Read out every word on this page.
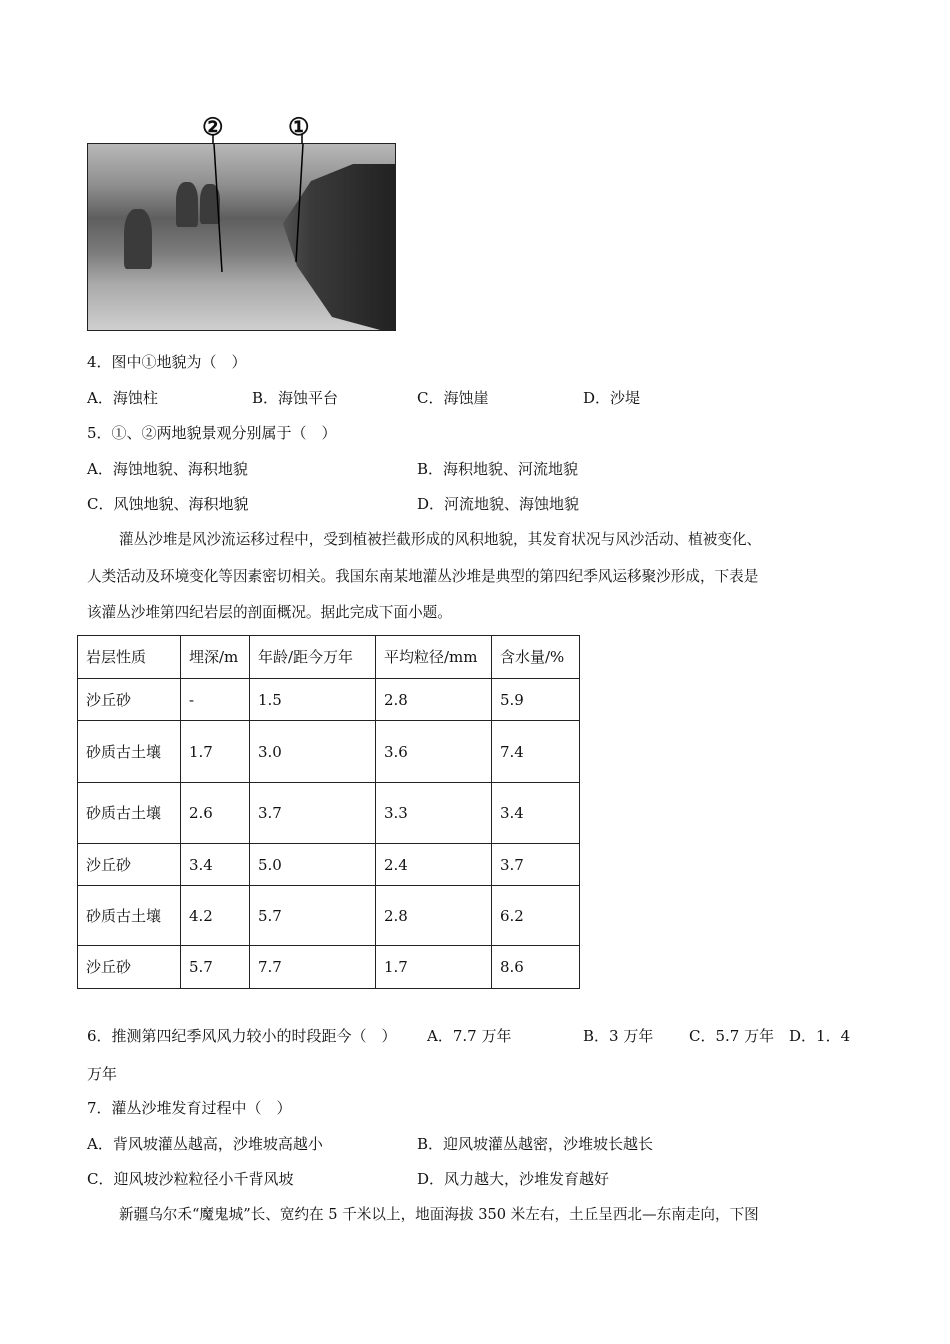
②	①
4．图中①地貌为（　）
A．海蚀柱	B．海蚀平台	C．海蚀崖	D．沙堤
5．①、②两地貌景观分别属于（　）
A．海蚀地貌、海积地貌	B．海积地貌、河流地貌
C．风蚀地貌、海积地貌	D．河流地貌、海蚀地貌
灌丛沙堆是风沙流运移过程中，受到植被拦截形成的风积地貌，其发育状况与风沙活动、植被变化、
人类活动及环境变化等因素密切相关。我国东南某地灌丛沙堆是典型的第四纪季风运移聚沙形成，下表是
该灌丛沙堆第四纪岩层的剖面概况。据此完成下面小题。
岩层性质	埋深/m	年龄/距今万年	平均粒径/mm	含水量/%
沙丘砂	-	1.5	2.8	5.9
砂质古土壤	1.7	3.0	3.6	7.4
砂质古土壤	2.6	3.7	3.3	3.4
沙丘砂	3.4	5.0	2.4	3.7
砂质古土壤	4.2	5.7	2.8	6.2
沙丘砂	5.7	7.7	1.7	8.6
6．推测第四纪季风风力较小的时段距今（　） A．7.7 万年	B．3 万年 C．5.7 万年 D．1．4
万年
7．灌丛沙堆发育过程中（　）
A．背风坡灌丛越高，沙堆坡高越小	B．迎风坡灌丛越密，沙堆坡长越长
C．迎风坡沙粒粒径小千背风坡	D．风力越大，沙堆发育越好
新疆乌尔禾“魔鬼城”长、宽约在 5 千米以上，地面海拔 350 米左右，土丘呈西北—东南走向，下图
